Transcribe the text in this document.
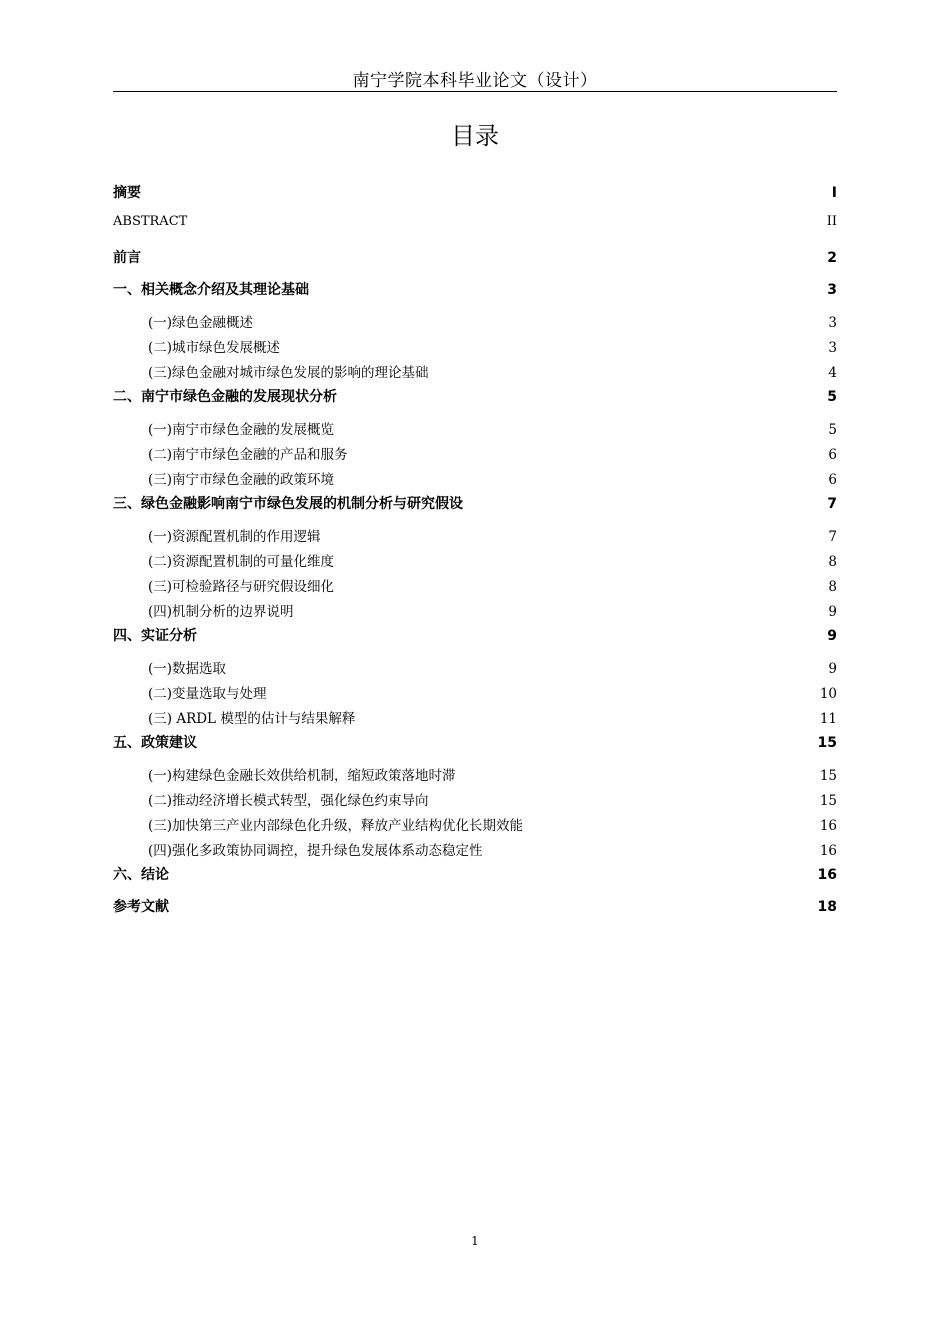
南宁学院本科毕业论文（设计）
目录
摘要	I
ABSTRACT	II
前言	2
一、相关概念介绍及其理论基础	3
(一)绿色金融概述	3
(二)城市绿色发展概述	3
(三)绿色金融对城市绿色发展的影响的理论基础	4
二、南宁市绿色金融的发展现状分析	5
(一)南宁市绿色金融的发展概览	5
(二)南宁市绿色金融的产品和服务	6
(三)南宁市绿色金融的政策环境	6
三、绿色金融影响南宁市绿色发展的机制分析与研究假设	7
(一)资源配置机制的作用逻辑	7
(二)资源配置机制的可量化维度	8
(三)可检验路径与研究假设细化	8
(四)机制分析的边界说明	9
四、实证分析	9
(一)数据选取	9
(二)变量选取与处理	10
(三) ARDL 模型的估计与结果解释	11
五、政策建议	15
(一)构建绿色金融长效供给机制，缩短政策落地时滞	15
(二)推动经济增长模式转型，强化绿色约束导向	15
(三)加快第三产业内部绿色化升级，释放产业结构优化长期效能	16
(四)强化多政策协同调控，提升绿色发展体系动态稳定性	16
六、结论	16
参考文献	18
1
